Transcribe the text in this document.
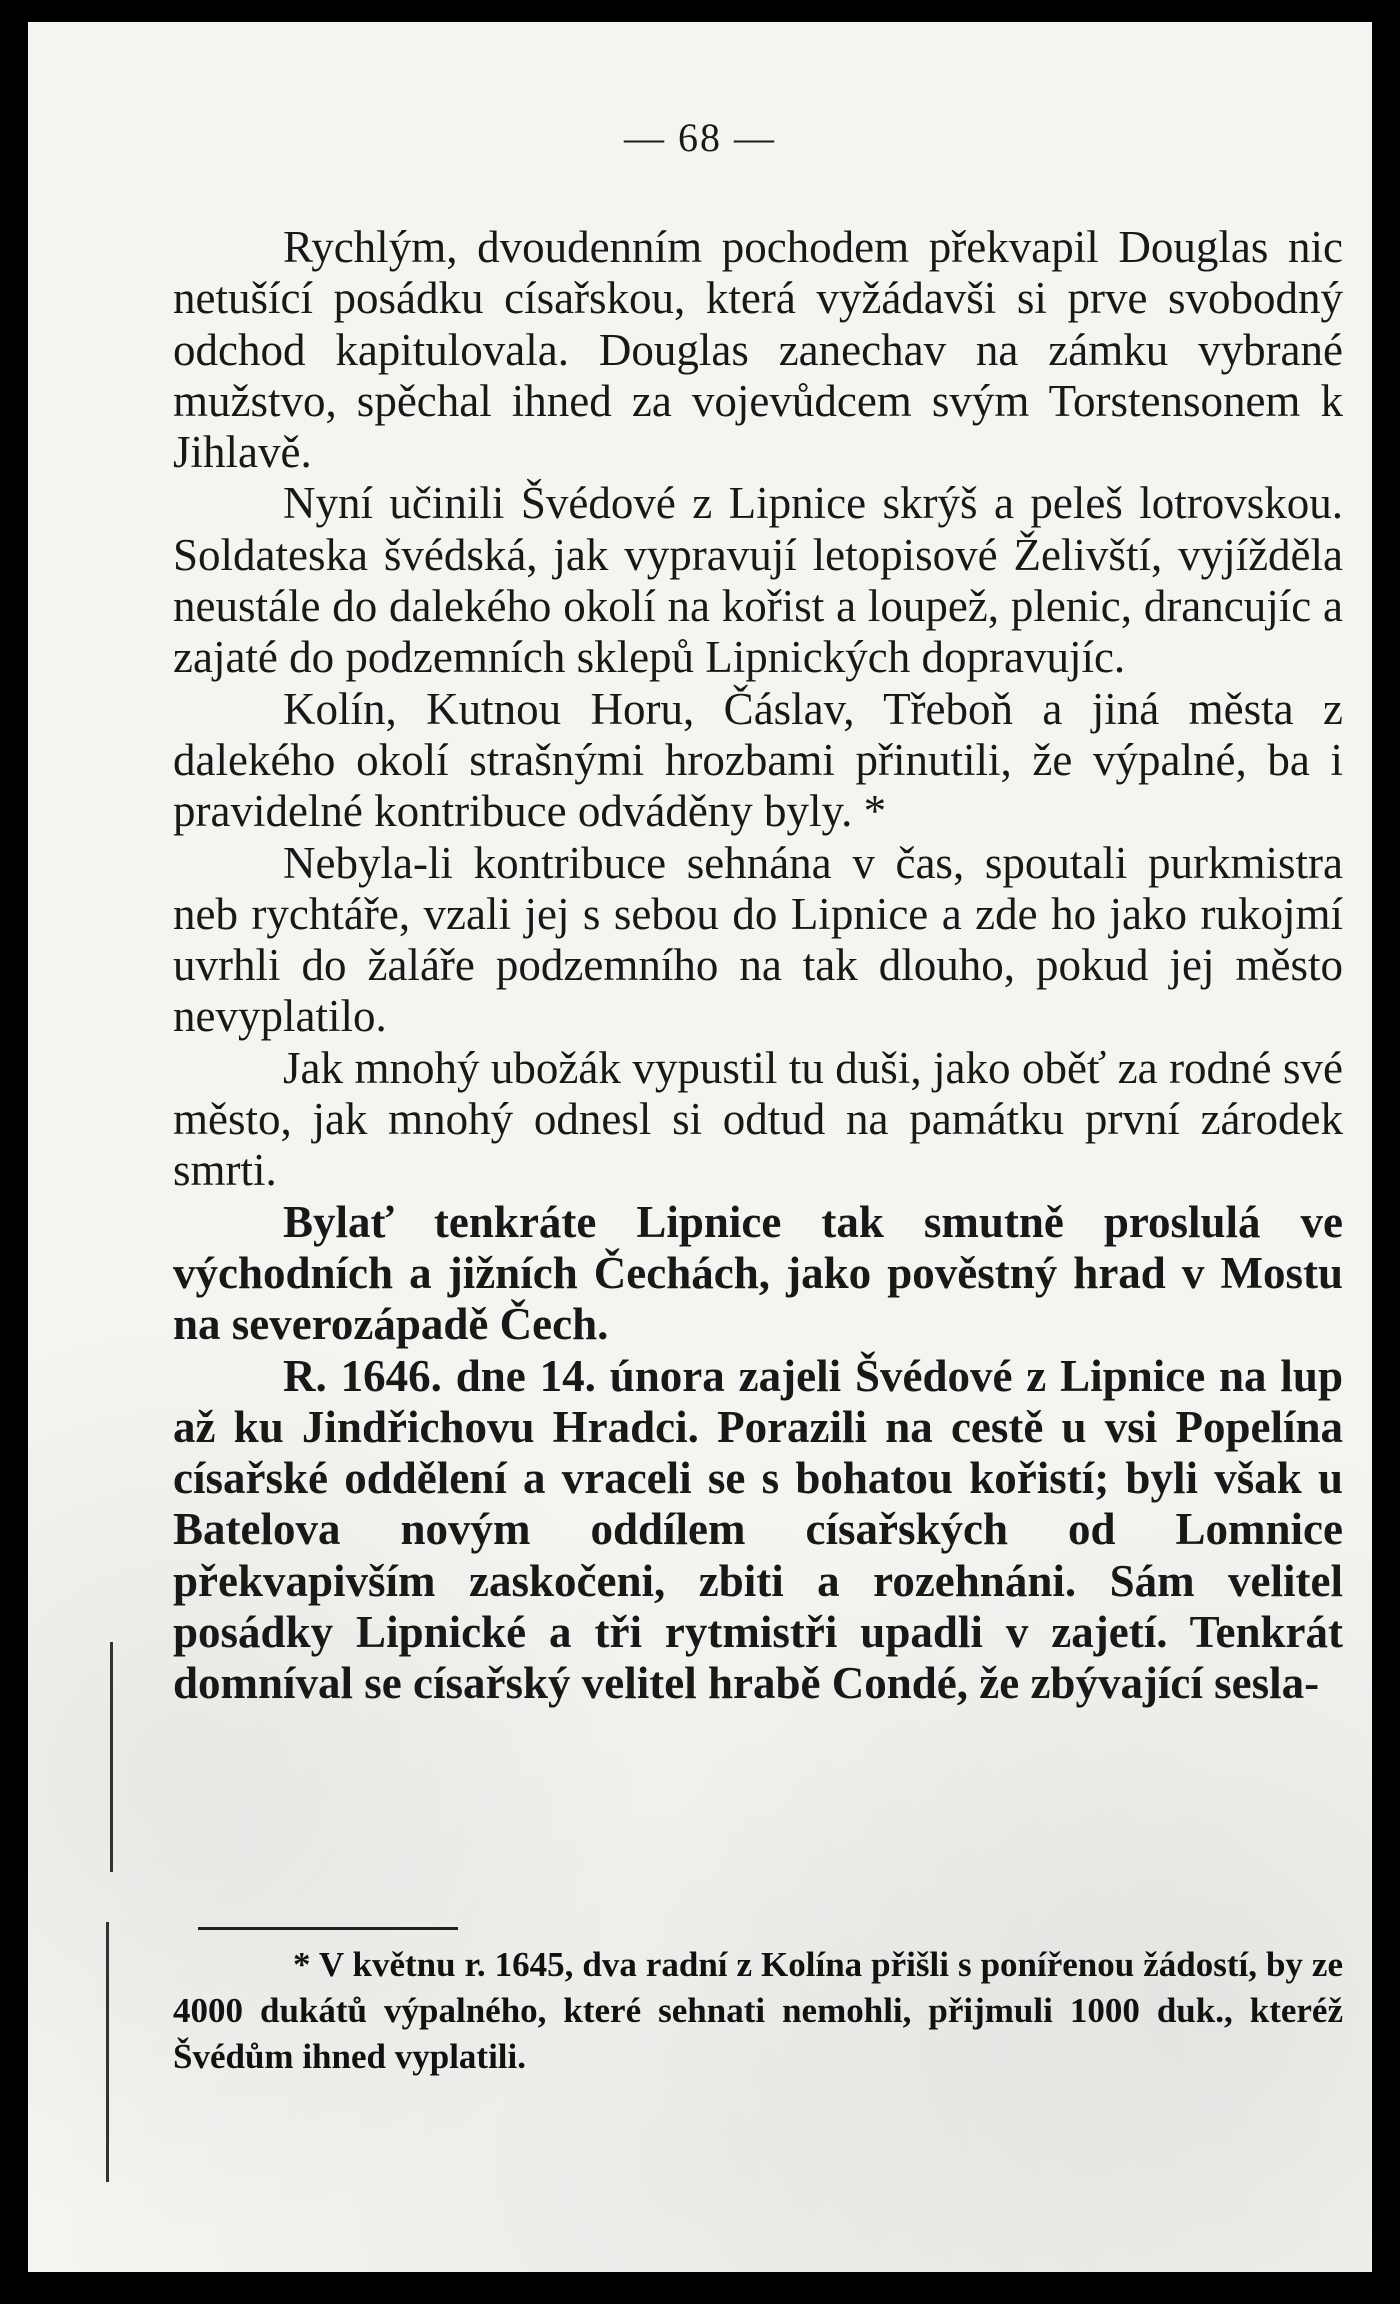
— 68 —

Rychlým, dvoudenním pochodem překvapil Douglas nic netušící posádku císařskou, která vyžádavši si prve svobodný odchod kapitulovala. Douglas zanechav na zámku vybrané mužstvo, spěchal ihned za vojevůdcem svým Torstensonem k Jihlavě.

Nyní učinili Švédové z Lipnice skrýš a peleš lotrovskou. Soldateska švédská, jak vypravují letopisové Želivští, vyjížděla neustále do dalekého okolí na kořist a loupež, plenic, drancujíc a zajaté do podzemních sklepů Lipnických dopravujíc.

Kolín, Kutnou Horu, Čáslav, Třeboň a jiná města z dalekého okolí strašnými hrozbami přinutili, že výpalné, ba i pravidelné kontribuce odváděny byly. *

Nebyla-li kontribuce sehnána v čas, spoutali purkmistra neb rychtáře, vzali jej s sebou do Lipnice a zde ho jako rukojmí uvrhli do žaláře podzemního na tak dlouho, pokud jej město nevyplatilo.

Jak mnohý ubožák vypustil tu duši, jako oběť za rodné své město, jak mnohý odnesl si odtud na památku první zárodek smrti.

Bylať tenkráte Lipnice tak smutně proslulá ve východních a jižních Čechách, jako pověstný hrad v Mostu na severozápadě Čech.

R. 1646. dne 14. února zajeli Švédové z Lipnice na lup až ku Jindřichovu Hradci. Porazili na cestě u vsi Popelína císařské oddělení a vraceli se s bohatou kořistí; byli však u Batelova novým oddílem císařských od Lomnice překvapivším zaskočeni, zbiti a rozehnáni. Sám velitel posádky Lipnické a tři rytmistři upadli v zajetí. Tenkrát domníval se císařský velitel hrabě Condé, že zbývající sesla-

* V květnu r. 1645, dva radní z Kolína přišli s ponířenou žádostí, by ze 4000 dukátů výpalného, které sehnati nemohli, přijmuli 1000 duk., kteréž Švédům ihned vyplatili.
